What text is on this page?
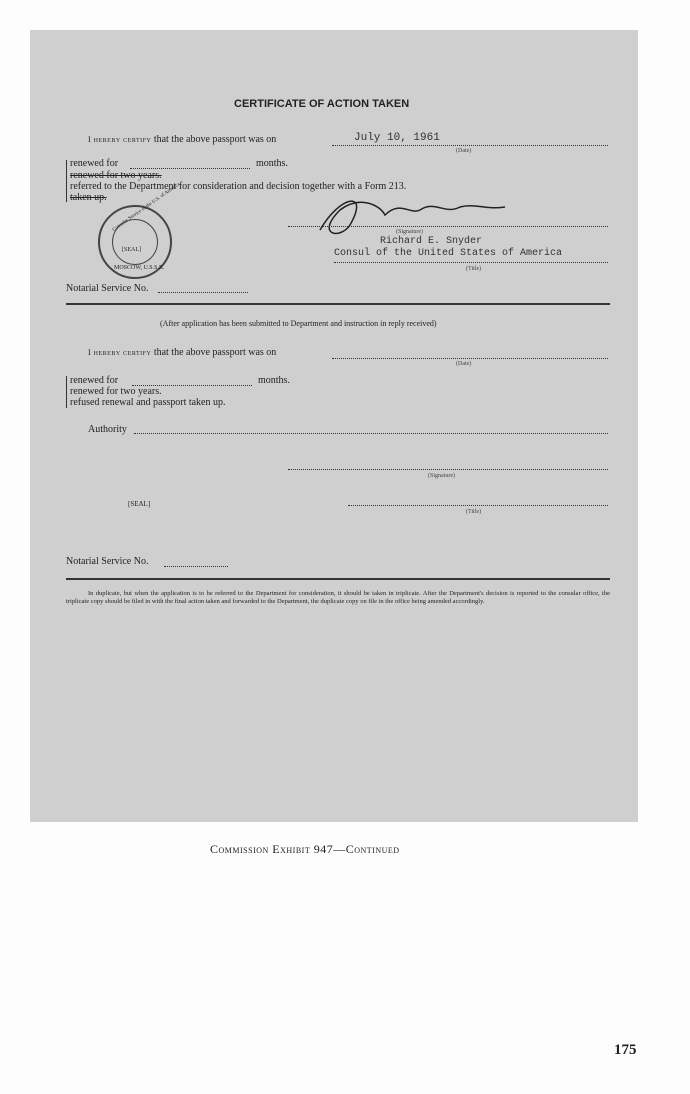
CERTIFICATE OF ACTION TAKEN
I hereby certify that the above passport was on	July 10, 1961
(Date)
renewed for	months.
renewed for two years.
referred to the Department for consideration and decision together with a Form 213.
taken up. Consular Service of the U.S. of America
MOSCOW, U.S.S.R.
[SEAL]
(Signature)
Richard E. Snyder
Consul of the United States of America
(Title)
Notarial Service No.
(After application has been submitted to Department and instruction in reply received)
I hereby certify that the above passport was on
(Date)
renewed for	months.
renewed for two years.
refused renewal and passport taken up.
Authority
(Signature)
[SEAL]
(Title)
Notarial Service No.
In duplicate, but when the application is to be referred to the Department for consideration, it should be taken in triplicate. After the Department's decision is reported to the consular office, the triplicate copy should be filed in with the final action taken and forwarded to the Department, the duplicate copy on file in the office being amended accordingly.
Commission Exhibit 947—Continued
175
